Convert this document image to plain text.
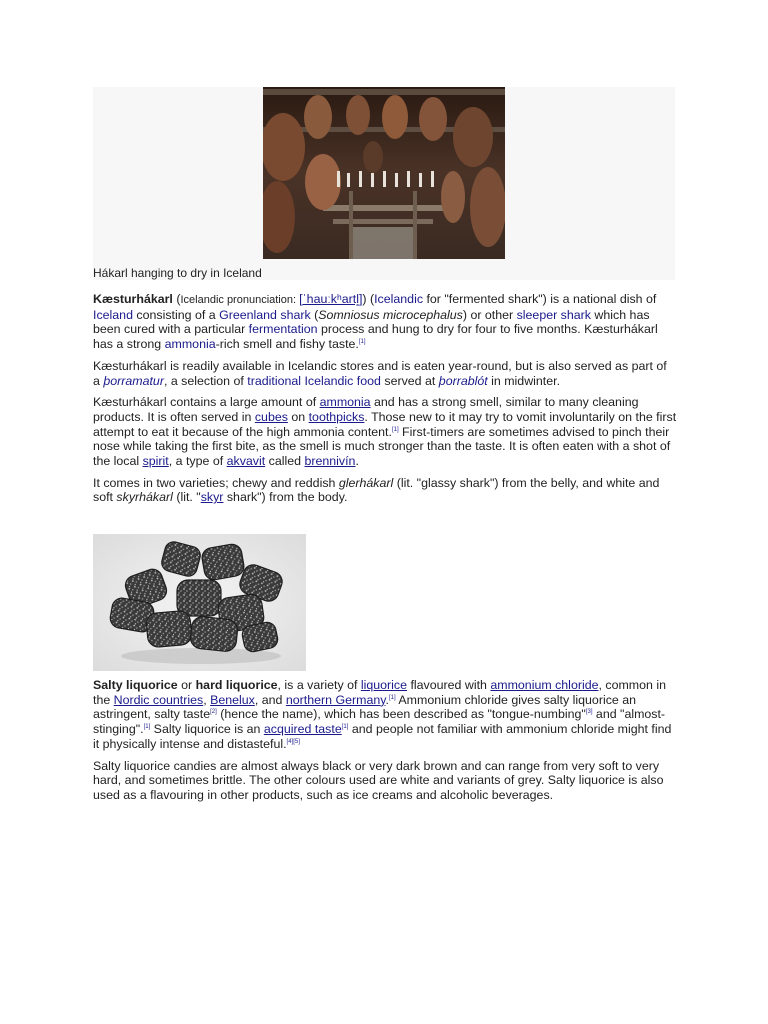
Hákarl hanging to dry in Iceland

Kæsturhákarl (Icelandic pronunciation: [ˈhauːkʰartl̥]) (Icelandic for "fermented shark") is a national dish of Iceland consisting of a Greenland shark (Somniosus microcephalus) or other sleeper shark which has been cured with a particular fermentation process and hung to dry for four to five months. Kæsturhákarl has a strong ammonia-rich smell and fishy taste.[1]

Kæsturhákarl is readily available in Icelandic stores and is eaten year-round, but is also served as part of a þorramatur, a selection of traditional Icelandic food served at þorrablót in midwinter.

Kæsturhákarl contains a large amount of ammonia and has a strong smell, similar to many cleaning products. It is often served in cubes on toothpicks. Those new to it may try to vomit involuntarily on the first attempt to eat it because of the high ammonia content.[1] First-timers are sometimes advised to pinch their nose while taking the first bite, as the smell is much stronger than the taste. It is often eaten with a shot of the local spirit, a type of akvavit called brennivín.

It comes in two varieties; chewy and reddish glerhákarl (lit. "glassy shark") from the belly, and white and soft skyrhákarl (lit. "skyr shark") from the body.

Salty liquorice or hard liquorice, is a variety of liquorice flavoured with ammonium chloride, common in the Nordic countries, Benelux, and northern Germany.[1] Ammonium chloride gives salty liquorice an astringent, salty taste[2] (hence the name), which has been described as "tongue-numbing"[3] and "almost-stinging".[1] Salty liquorice is an acquired taste[1] and people not familiar with ammonium chloride might find it physically intense and distasteful.[4][5]

Salty liquorice candies are almost always black or very dark brown and can range from very soft to very hard, and sometimes brittle. The other colours used are white and variants of grey. Salty liquorice is also used as a flavouring in other products, such as ice creams and alcoholic beverages.
